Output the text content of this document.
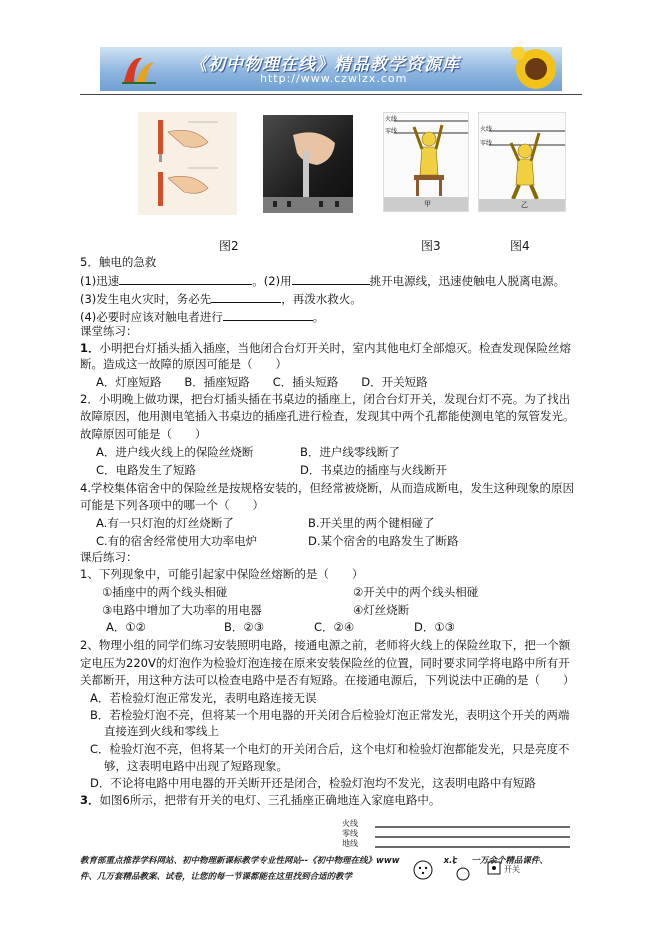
《初中物理在线》精品教学资源库
http://www.czwlzx.com
火线
零线
甲
火线
零线
乙
图2	图3	图4
5．触电的急救
(1)迅速	。(2)用	挑开电源线，迅速使触电人脱离电源。
(3)发生电火灾时，务必先	，再泼水救火。
(4)必要时应该对触电者进行	。
课堂练习：
1．小明把台灯插头插入插座，当他闭合台灯开关时，室内其他电灯全部熄灭。检查发现保险丝熔
断。造成这一故障的原因可能是（　　）
A．灯座短路　　B．插座短路　　C．插头短路　　D．开关短路
2．小明晚上做功课，把台灯插头插在书桌边的插座上，闭合台灯开关，发现台灯不亮。为了找出
故障原因，他用测电笔插入书桌边的插座孔进行检查，发现其中两个孔都能使测电笔的氖管发光。
故障原因可能是（　　）
A．进户线火线上的保险丝烧断	B．进户线零线断了
C．电路发生了短路	D．书桌边的插座与火线断开
4.学校集体宿舍中的保险丝是按规格安装的，但经常被烧断，从而造成断电，发生这种现象的原因
可能是下列各项中的哪一个（　　）
A.有一只灯泡的灯丝烧断了	B.开关里的两个键相碰了
C.有的宿舍经常使用大功率电炉	D.某个宿舍的电路发生了断路
课后练习：
1、下列现象中，可能引起家中保险丝熔断的是（　　）
①插座中的两个线头相碰	②开关中的两个线头相碰
③电路中增加了大功率的用电器	④灯丝烧断
A．①②	B．②③	C．②④	D．①③
2、物理小组的同学们练习安装照明电路，接通电源之前，老师将火线上的保险丝取下，把一个额
定电压为220V的灯泡作为检验灯泡连接在原来安装保险丝的位置，同时要求同学将电路中所有开
关都断开，用这种方法可以检查电路中是否有短路。在接通电源后，下列说法中正确的是（　　）
A．若检验灯泡正常发光，表明电路连接无误
B．若检验灯泡不亮，但将某一个用电器的开关闭合后检验灯泡正常发光，表明这个开关的两端
直接连到火线和零线上
C．检验灯泡不亮，但将某一个电灯的开关闭合后，这个电灯和检验灯泡都能发光，只是亮度不
够，这表明电路中出现了短路现象。
D．不论将电路中用电器的开关断开还是闭合，检验灯泡均不发光，这表明电路中有短路
3．如图6所示，把带有开关的电灯、三孔插座正确地连入家庭电路中。
火线
零线
地线
开关
教育部重点推荐学科网站、初中物理新课标教学专业性网站--《初中物理在线》www	x.c 一万余个精品课件、
件、几万套精品教案、试卷，让您的每一节课都能在这里找到合适的教学
